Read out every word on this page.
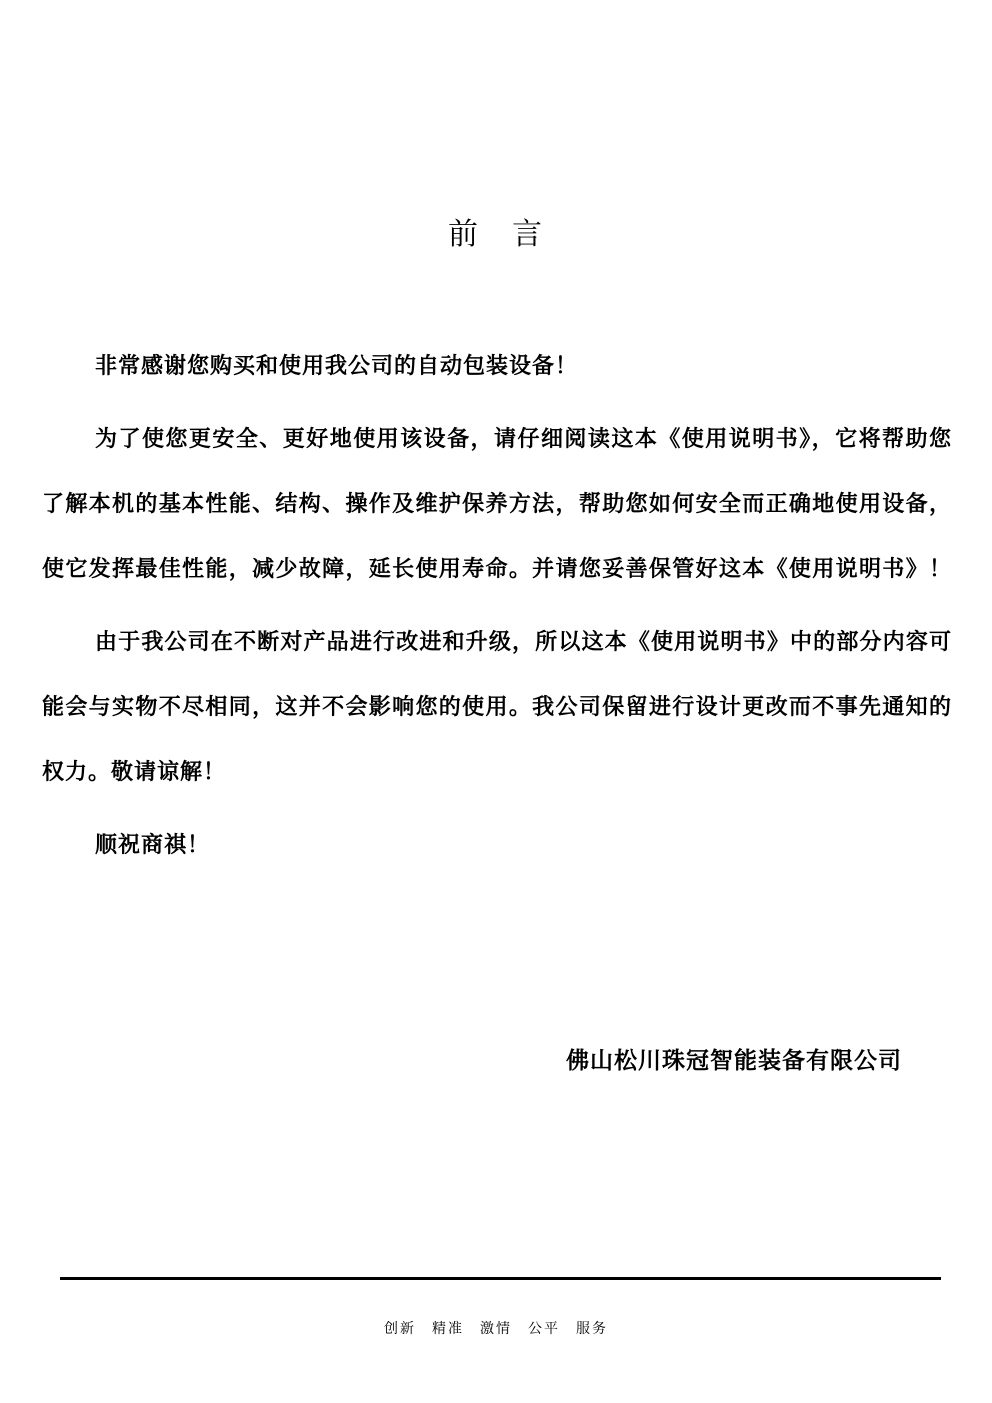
前　言
非常感谢您购买和使用我公司的自动包装设备！
为了使您更安全、更好地使用该设备，请仔细阅读这本《使用说明书》，它将帮助您
了解本机的基本性能、结构、操作及维护保养方法，帮助您如何安全而正确地使用设备，
使它发挥最佳性能，减少故障，延长使用寿命。并请您妥善保管好这本《使用说明书》！
由于我公司在不断对产品进行改进和升级，所以这本《使用说明书》中的部分内容可
能会与实物不尽相同，这并不会影响您的使用。我公司保留进行设计更改而不事先通知的
权力。敬请谅解！
顺祝商祺！
佛山松川珠冠智能装备有限公司
创新　精准　激情　公平　服务
